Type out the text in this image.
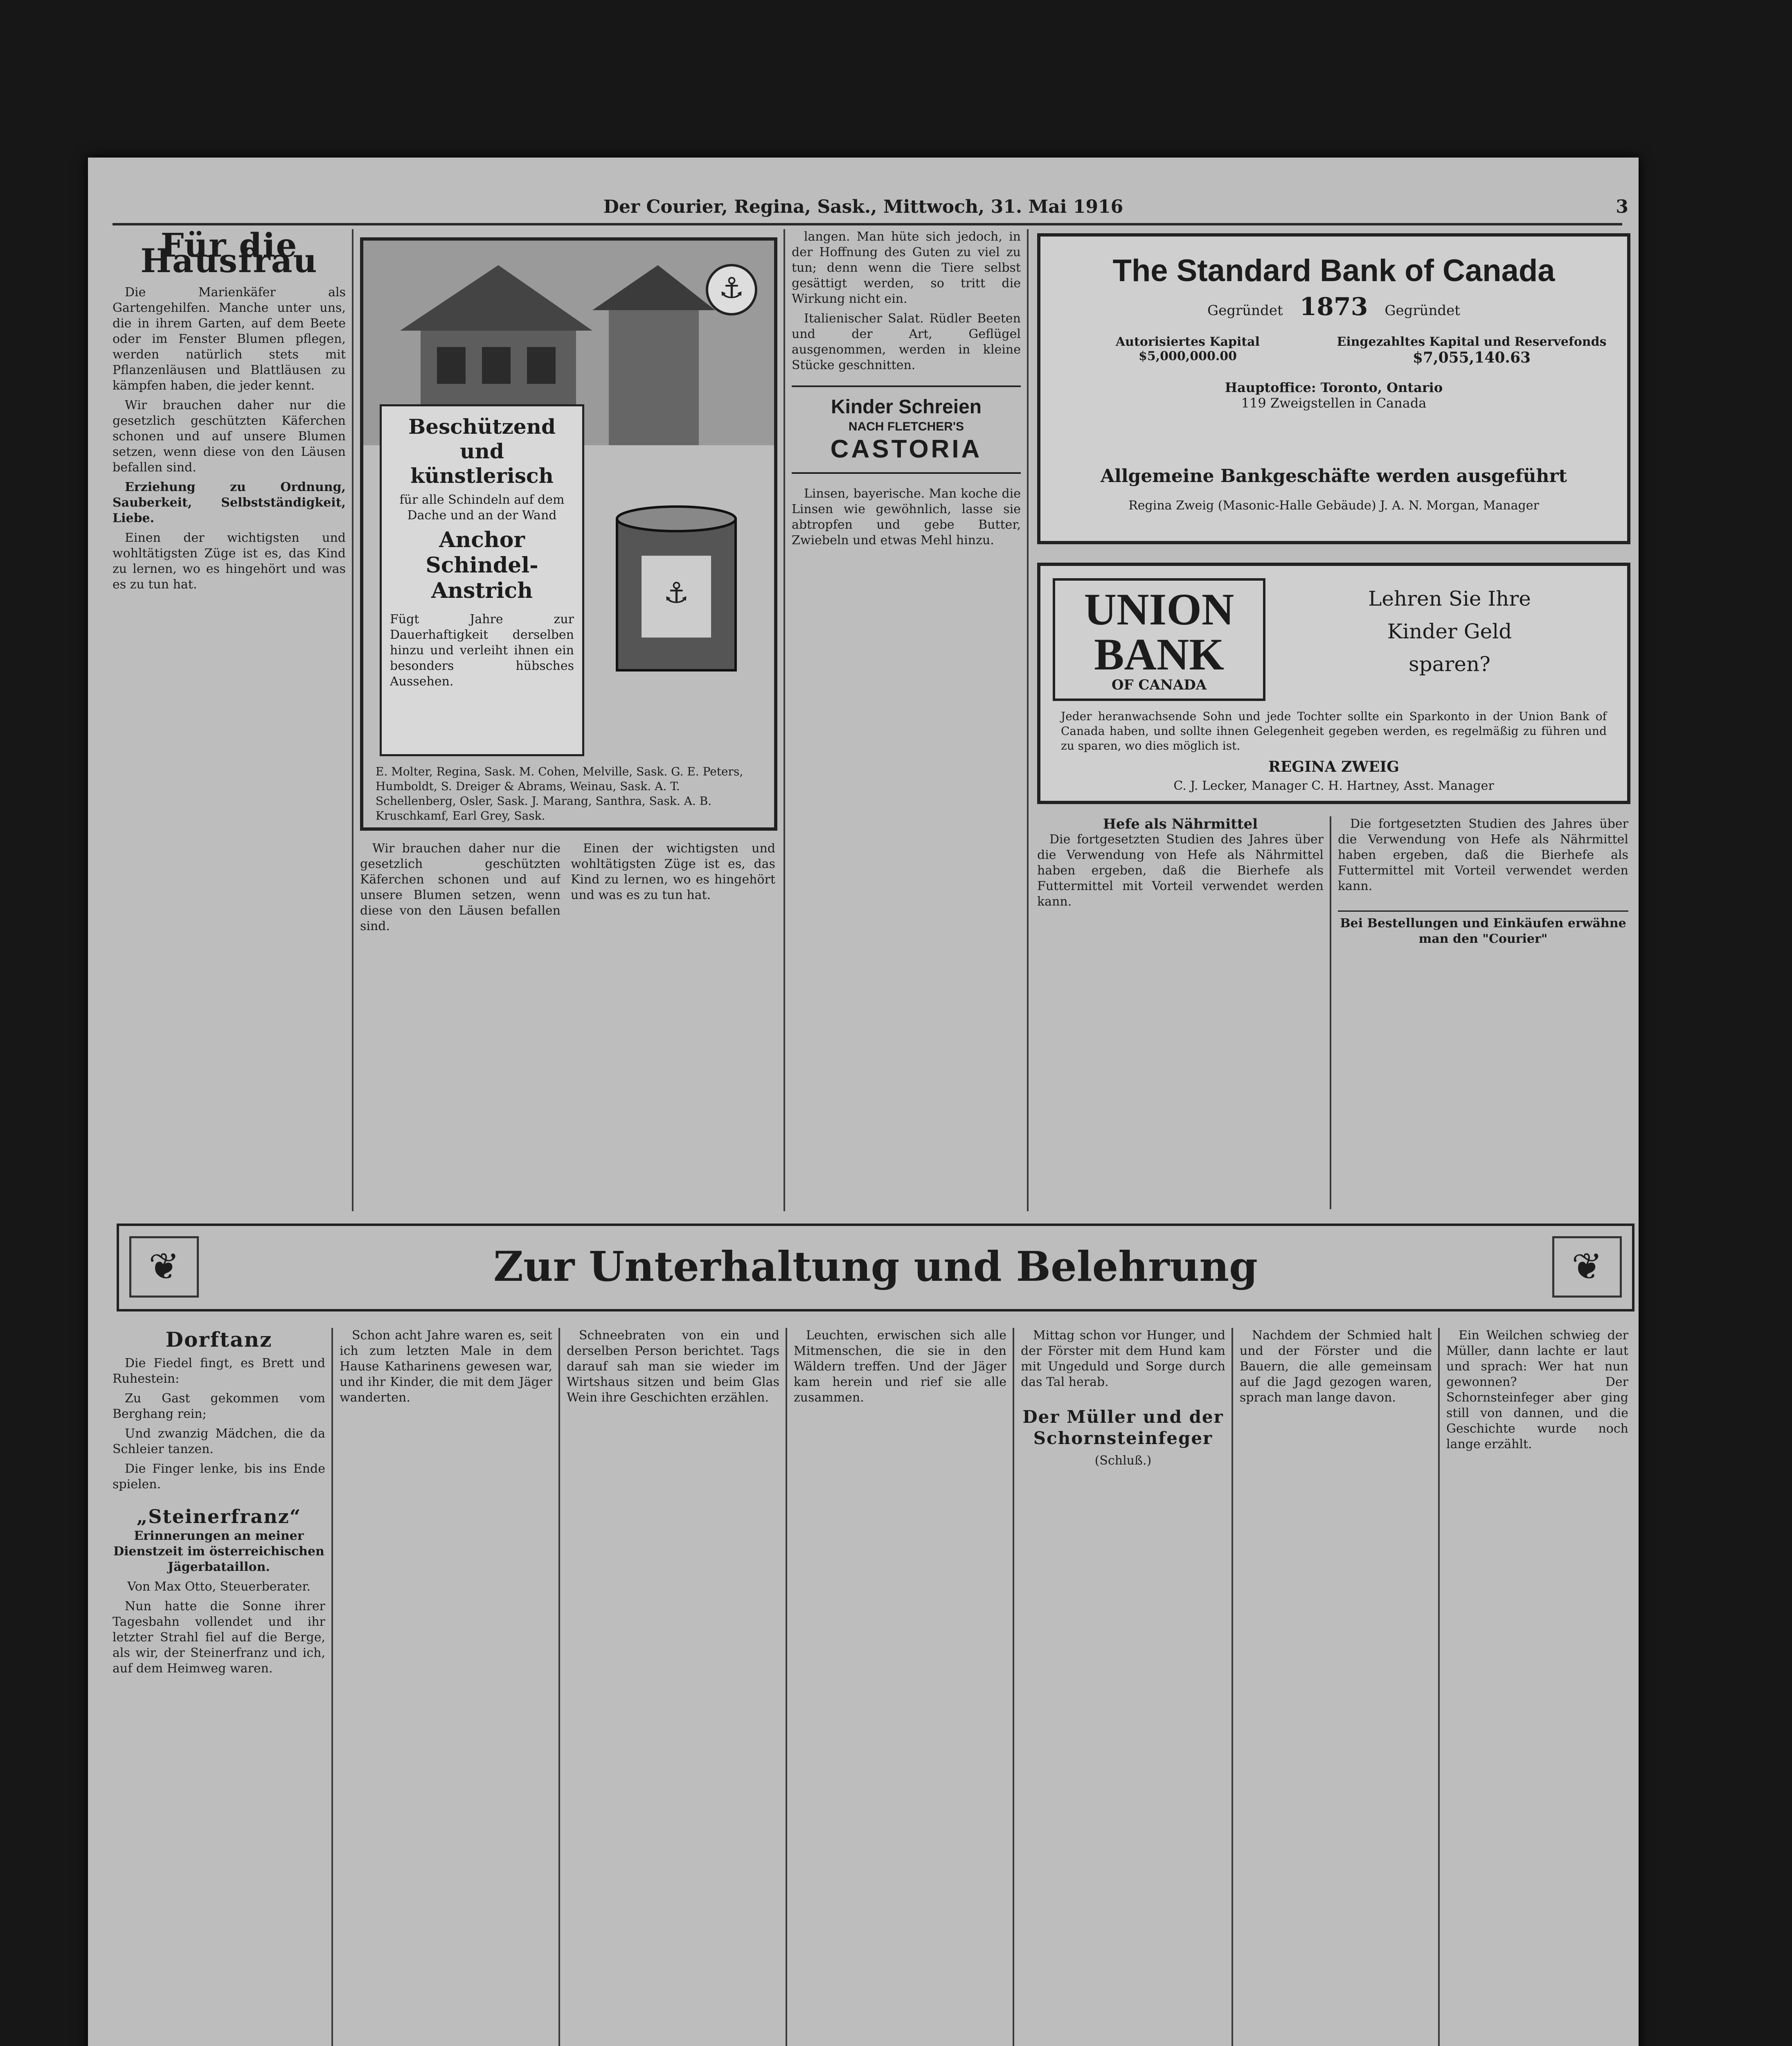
Der Courier, Regina, Sask., Mittwoch, 31. Mai 1916	3
Für die Hausfrau

Die Marienkäfer als Gartengehilfen. Manche unter uns, die in ihrem Garten, auf dem Beete oder im Fenster Blumen pflegen, werden natürlich stets mit Pflanzenläusen und Blattläusen zu kämpfen haben, die jeder kennt.

Wir brauchen daher nur die gesetzlich geschützten Käferchen schonen und auf unsere Blumen setzen, wenn diese von den Läusen befallen sind.

Erziehung zu Ordnung, Sauberkeit, Selbstständigkeit, Liebe.

Einen der wichtigsten und wohltätigsten Züge ist es, das Kind zu lernen, wo es hingehört und was es zu tun hat.

⚓
Beschützend und
künstlerisch
für alle Schindeln auf dem Dache und an der Wand
Anchor
Schindel-
Anstrich
Fügt Jahre zur Dauerhaftigkeit derselben hinzu und verleiht ihnen ein besonders hübsches Aussehen.
⚓
E. Molter, Regina, Sask. M. Cohen, Melville, Sask. G. E. Peters, Humboldt, S. Dreiger & Abrams, Weinau, Sask. A. T. Schellenberg, Osler, Sask. J. Marang, Santhra, Sask. A. B. Kruschkamf, Earl Grey, Sask.

Wir brauchen daher nur die gesetzlich geschützten Käferchen schonen und auf unsere Blumen setzen, wenn diese von den Läusen befallen sind.

Einen der wichtigsten und wohltätigsten Züge ist es, das Kind zu lernen, wo es hingehört und was es zu tun hat.

langen. Man hüte sich jedoch, in der Hoffnung des Guten zu viel zu tun; denn wenn die Tiere selbst gesättigt werden, so tritt die Wirkung nicht ein.

Italienischer Salat. Rüdler Beeten und der Art, Geflügel ausgenommen, werden in kleine Stücke geschnitten.

Kinder Schreien
NACH FLETCHER'S
CASTORIA

Linsen, bayerische. Man koche die Linsen wie gewöhnlich, lasse sie abtropfen und gebe Butter, Zwiebeln und etwas Mehl hinzu.

The Standard Bank of Canada
Gegründet 1873 Gegründet
Autorisiertes Kapital
$5,000,000.00
Eingezahltes Kapital und Reservefonds
$7,055,140.63
Hauptoffice: Toronto, Ontario
119 Zweigstellen in Canada
Allgemeine Bankgeschäfte werden ausgeführt
Regina Zweig (Masonic-Halle Gebäude) J. A. N. Morgan, Manager
UNION
BANK
OF CANADA
Lehren Sie Ihre
Kinder Geld
sparen?
Jeder heranwachsende Sohn und jede Tochter sollte ein Sparkonto in der Union Bank of Canada haben, und sollte ihnen Gelegenheit gegeben werden, es regelmäßig zu führen und zu sparen, wo dies möglich ist.
REGINA ZWEIG
C. J. Lecker, Manager C. H. Hartney, Asst. Manager
Hefe als Nährmittel

Die fortgesetzten Studien des Jahres über die Verwendung von Hefe als Nährmittel haben ergeben, daß die Bierhefe als Futtermittel mit Vorteil verwendet werden kann.

Die fortgesetzten Studien des Jahres über die Verwendung von Hefe als Nährmittel haben ergeben, daß die Bierhefe als Futtermittel mit Vorteil verwendet werden kann.

Bei Bestellungen und Einkäufen erwähne man den "Courier"

❦	Zur Unterhaltung und Belehrung	❦
Dorftanz

Die Fiedel fingt, es Brett und Ruhestein:

Zu Gast gekommen vom Berghang rein;

Und zwanzig Mädchen, die da Schleier tanzen.

Die Finger lenke, bis ins Ende spielen.

„Steinerfranz“

Erinnerungen an meiner Dienstzeit im österreichischen Jägerbataillon.

Von Max Otto, Steuerberater.

Nun hatte die Sonne ihrer Tagesbahn vollendet und ihr letzter Strahl fiel auf die Berge, als wir, der Steinerfranz und ich, auf dem Heimweg waren.

Schon acht Jahre waren es, seit ich zum letzten Male in dem Hause Katharinens gewesen war, und ihr Kinder, die mit dem Jäger wanderten.

Schneebraten von ein und derselben Person berichtet. Tags darauf sah man sie wieder im Wirtshaus sitzen und beim Glas Wein ihre Geschichten erzählen.

Leuchten, erwischen sich alle Mitmenschen, die sie in den Wäldern treffen. Und der Jäger kam herein und rief sie alle zusammen.

Mittag schon vor Hunger, und der Förster mit dem Hund kam mit Ungeduld und Sorge durch das Tal herab.

Der Müller und der Schornsteinfeger

(Schluß.)

Nachdem der Schmied halt und der Förster und die Bauern, die alle gemeinsam auf die Jagd gezogen waren, sprach man lange davon.

Ein Weilchen schwieg der Müller, dann lachte er laut und sprach: Wer hat nun gewonnen? Der Schornsteinfeger aber ging still von dannen, und die Geschichte wurde noch lange erzählt.
